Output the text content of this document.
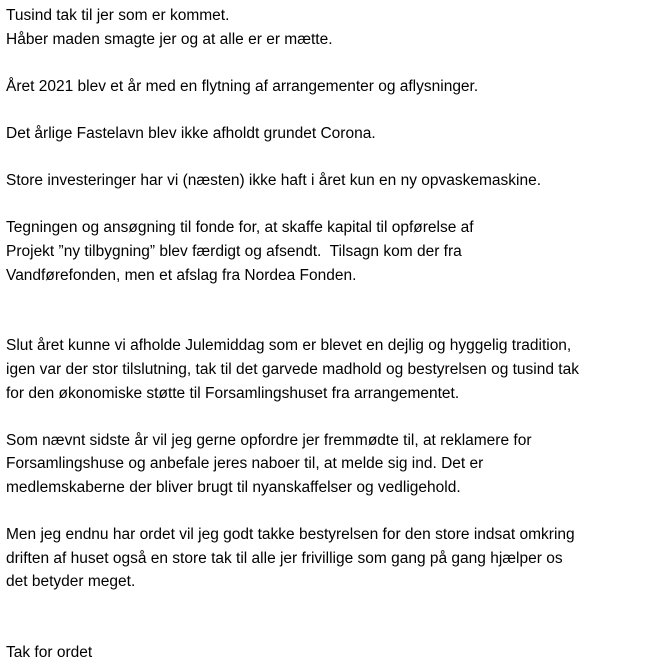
Tusind tak til jer som er kommet.
Håber maden smagte jer og at alle er er mætte.
Året 2021 blev et år med en flytning af arrangementer og aflysninger.
Det årlige Fastelavn blev ikke afholdt grundet Corona.
Store investeringer har vi (næsten) ikke haft i året kun en ny opvaskemaskine.
Tegningen og ansøgning til fonde for, at skaffe kapital til opførelse af
Projekt ”ny tilbygning” blev færdigt og afsendt.  Tilsagn kom der fra
Vandførefonden, men et afslag fra Nordea Fonden.
Slut året kunne vi afholde Julemiddag som er blevet en dejlig og hyggelig tradition,
igen var der stor tilslutning, tak til det garvede madhold og bestyrelsen og tusind tak
for den økonomiske støtte til Forsamlingshuset fra arrangementet.
Som nævnt sidste år vil jeg gerne opfordre jer fremmødte til, at reklamere for
Forsamlingshuse og anbefale jeres naboer til, at melde sig ind. Det er
medlemskaberne der bliver brugt til nyanskaffelser og vedligehold.
Men jeg endnu har ordet vil jeg godt takke bestyrelsen for den store indsat omkring
driften af huset også en store tak til alle jer frivillige som gang på gang hjælper os
det betyder meget.
Tak for ordet
